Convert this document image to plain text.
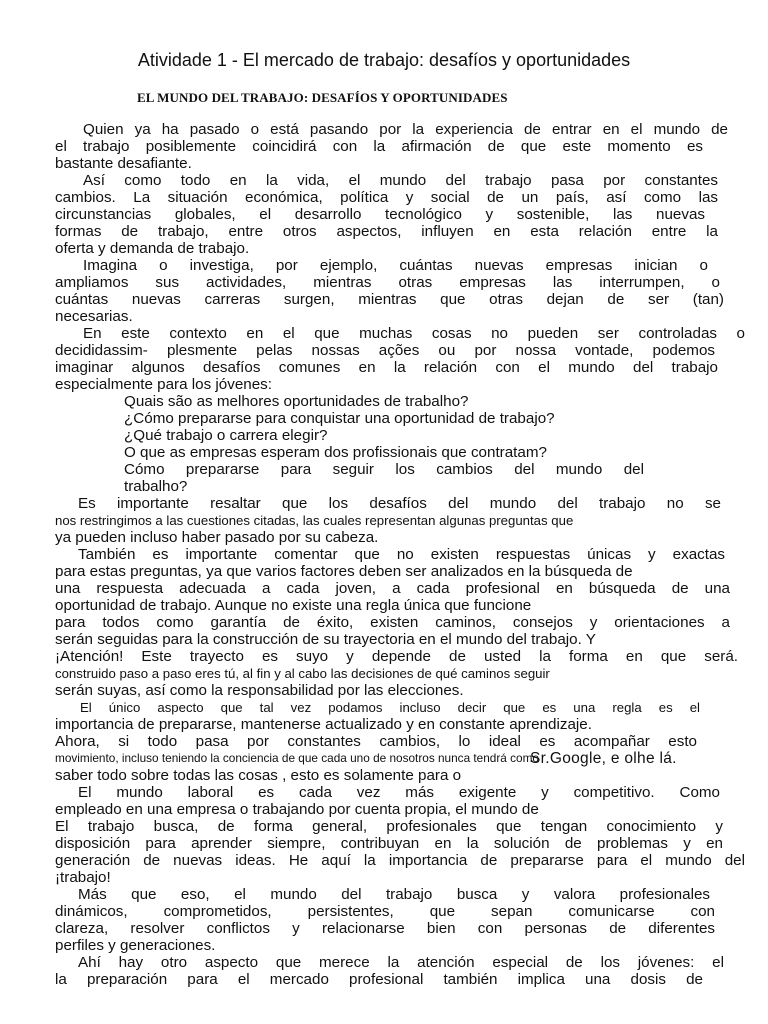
Atividade 1 - El mercado de trabajo: desafíos y oportunidades
EL MUNDO DEL TRABAJO: DESAFÍOS Y OPORTUNIDADES
Quien ya ha pasado o está pasando por la experiencia de entrar en el mundo de
el trabajo posiblemente coincidirá con la afirmación de que este momento es
bastante desafiante.
Así como todo en la vida, el mundo del trabajo pasa por constantes
cambios. La situación económica, política y social de un país, así como las
circunstancias globales, el desarrollo tecnológico y sostenible, las nuevas
formas de trabajo, entre otros aspectos, influyen en esta relación entre la
oferta y demanda de trabajo.
Imagina o investiga, por ejemplo, cuántas nuevas empresas inician o
ampliamos sus actividades, mientras otras empresas las interrumpen, o
cuántas nuevas carreras surgen, mientras que otras dejan de ser (tan)
necesarias.
En este contexto en el que muchas cosas no pueden ser controladas o
decididassim- plesmente pelas nossas ações ou por nossa vontade, podemos
imaginar algunos desafíos comunes en la relación con el mundo del trabajo
especialmente para los jóvenes:
Quais são as melhores oportunidades de trabalho?
¿Cómo prepararse para conquistar una oportunidad de trabajo?
¿Qué trabajo o carrera elegir?
O que as empresas esperam dos profissionais que contratam?
Cómo prepararse para seguir los cambios del mundo del
trabalho?
Es importante resaltar que los desafíos del mundo del trabajo no se
nos restringimos a las cuestiones citadas, las cuales representan algunas preguntas que
ya pueden incluso haber pasado por su cabeza.
También es importante comentar que no existen respuestas únicas y exactas
para estas preguntas, ya que varios factores deben ser analizados en la búsqueda de
una respuesta adecuada a cada joven, a cada profesional en búsqueda de una
oportunidad de trabajo. Aunque no existe una regla única que funcione
para todos como garantía de éxito, existen caminos, consejos y orientaciones a
serán seguidas para la construcción de su trayectoria en el mundo del trabajo. Y
¡Atención! Este trayecto es suyo y depende de usted la forma en que será.
construido paso a paso eres tú, al fin y al cabo las decisiones de qué caminos seguir
serán suyas, así como la responsabilidad por las elecciones.
El único aspecto que tal vez podamos incluso decir que es una regla es el
importancia de prepararse, mantenerse actualizado y en constante aprendizaje.
Ahora, si todo pasa por constantes cambios, lo ideal es acompañar esto
movimiento, incluso teniendo la conciencia de que cada uno de nosotros nunca tendrá como
saber todo sobre todas las cosas , esto es solamente para o
Sr.Google, e olhe lá.
El mundo laboral es cada vez más exigente y competitivo. Como
empleado en una empresa o trabajando por cuenta propia, el mundo de
El trabajo busca, de forma general, profesionales que tengan conocimiento y
disposición para aprender siempre, contribuyan en la solución de problemas y en
generación de nuevas ideas. He aquí la importancia de prepararse para el mundo del
¡trabajo!
Más que eso, el mundo del trabajo busca y valora profesionales
dinámicos, comprometidos, persistentes, que sepan comunicarse con
clareza, resolver conflictos y relacionarse bien con personas de diferentes
perfiles y generaciones.
Ahí hay otro aspecto que merece la atención especial de los jóvenes: el
la preparación para el mercado profesional también implica una dosis de
